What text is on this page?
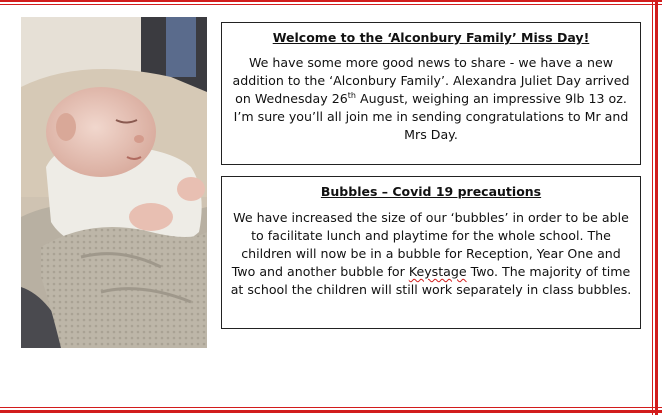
Welcome to the ‘Alconbury Family’ Miss Day!
We have some more good news to share - we have a new addition to the ‘Alconbury Family’. Alexandra Juliet Day arrived on Wednesday 26th August, weighing an impressive 9lb 13 oz. I’m sure you’ll all join me in sending congratulations to Mr and Mrs Day.
Bubbles – Covid 19 precautions
We have increased the size of our ‘bubbles’ in order to be able to facilitate lunch and playtime for the whole school. The children will now be in a bubble for Reception, Year One and Two and another bubble for Keystage Two. The majority of time at school the children will still work separately in class bubbles.
